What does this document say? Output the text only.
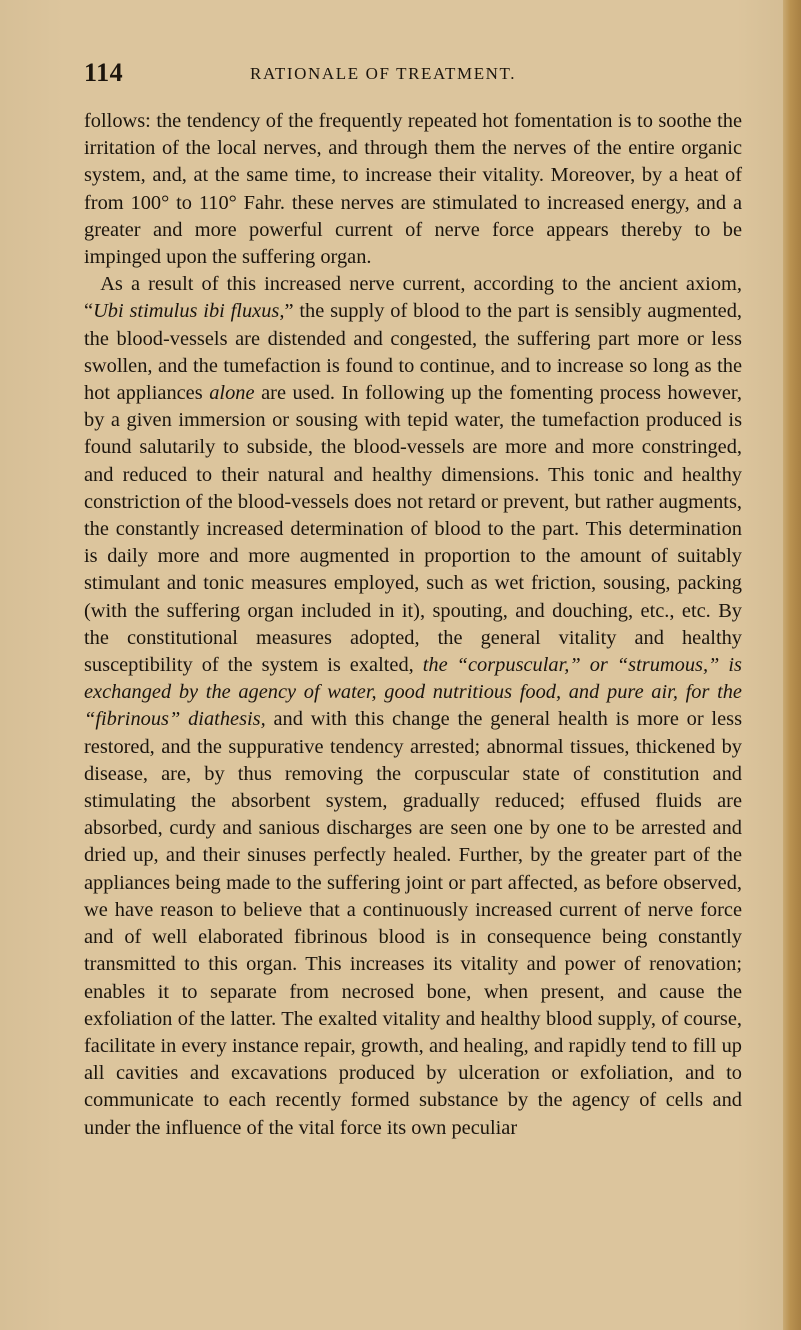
114	RATIONALE OF TREATMENT.

follows: the tendency of the frequently repeated hot fomentation is to soothe the irritation of the local nerves, and through them the nerves of the entire organic system, and, at the same time, to increase their vitality. Moreover, by a heat of from 100° to 110° Fahr. these nerves are stimulated to increased energy, and a greater and more powerful current of nerve force appears thereby to be impinged upon the suffering organ.

As a result of this increased nerve current, according to the ancient axiom, “Ubi stimulus ibi fluxus,” the supply of blood to the part is sensibly augmented, the blood-vessels are distended and congested, the suffering part more or less swollen, and the tumefaction is found to continue, and to increase so long as the hot appliances alone are used. In following up the fomenting process however, by a given immersion or sousing with tepid water, the tumefaction produced is found salutarily to subside, the blood-vessels are more and more constringed, and reduced to their natural and healthy dimensions. This tonic and healthy constriction of the blood-vessels does not retard or prevent, but rather augments, the constantly increased determination of blood to the part. This determination is daily more and more augmented in proportion to the amount of suitably stimulant and tonic measures employed, such as wet friction, sousing, packing (with the suffering organ included in it), spouting, and douching, etc., etc. By the constitutional measures adopted, the general vitality and healthy susceptibility of the system is exalted, the “corpuscular,” or “strumous,” is exchanged by the agency of water, good nutritious food, and pure air, for the “fibrinous” diathesis, and with this change the general health is more or less restored, and the suppurative tendency arrested; abnormal tissues, thickened by disease, are, by thus removing the corpuscular state of constitution and stimulating the absorbent system, gradually reduced; effused fluids are absorbed, curdy and sanious discharges are seen one by one to be arrested and dried up, and their sinuses perfectly healed. Further, by the greater part of the appliances being made to the suffering joint or part affected, as before observed, we have reason to believe that a continuously increased current of nerve force and of well elaborated fibrinous blood is in consequence being constantly transmitted to this organ. This increases its vitality and power of renovation; enables it to separate from necrosed bone, when present, and cause the exfoliation of the latter. The exalted vitality and healthy blood supply, of course, facilitate in every instance repair, growth, and healing, and rapidly tend to fill up all cavities and excavations produced by ulceration or exfoliation, and to communicate to each recently formed substance by the agency of cells and under the influence of the vital force its own peculiar
